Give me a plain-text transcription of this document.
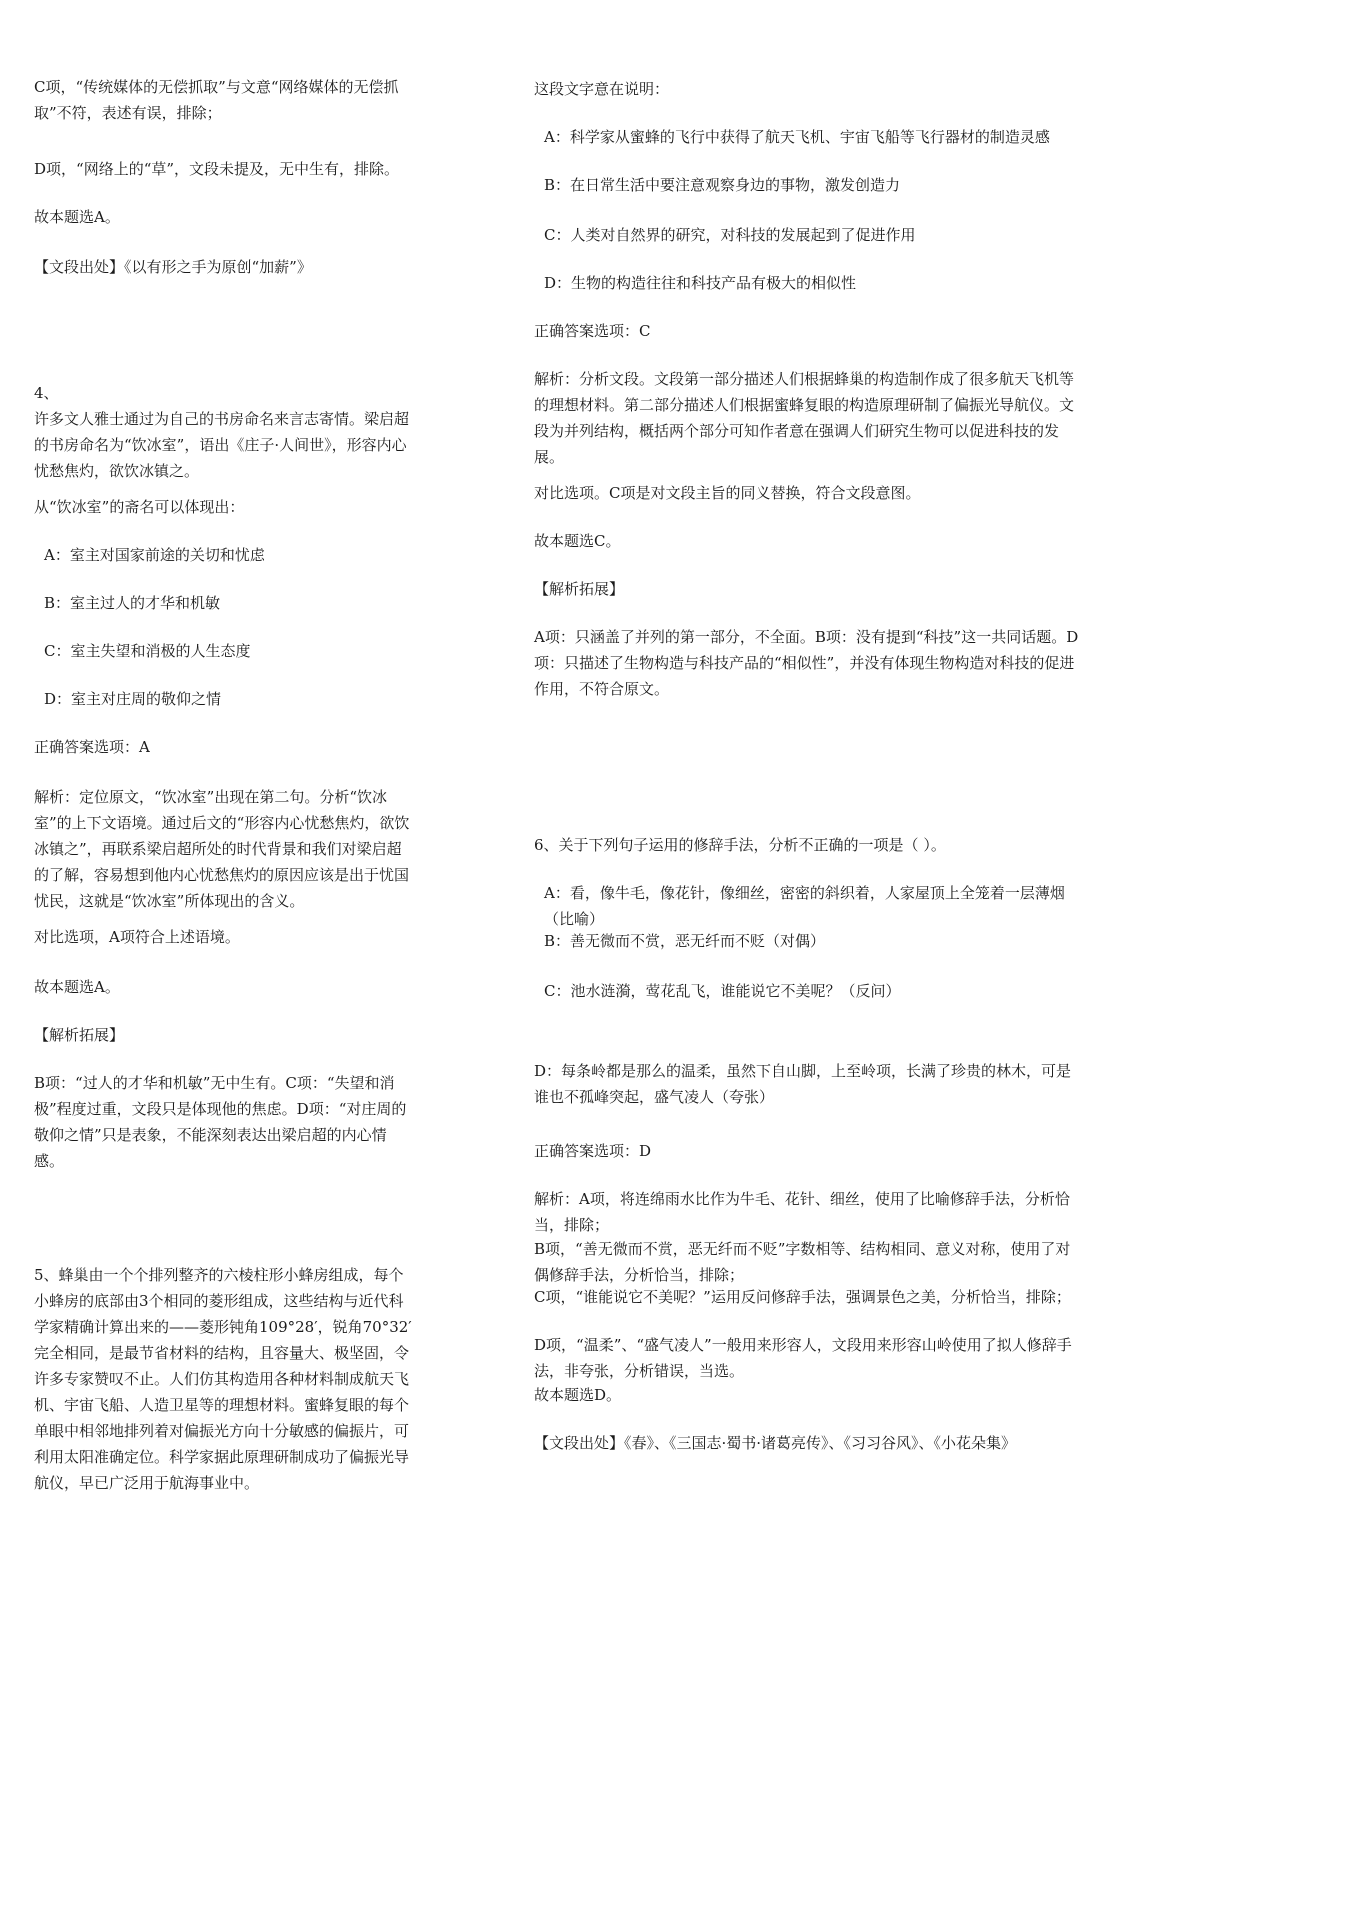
C项，“传统媒体的无偿抓取”与文意“网络媒体的无偿抓取”不符，表述有误，排除；

D项，“网络上的“草”，文段未提及，无中生有，排除。

故本题选A。

【文段出处】《以有形之手为原创“加薪”》

4、

许多文人雅士通过为自己的书房命名来言志寄情。梁启超的书房命名为“饮冰室”，语出《庄子·人间世》，形容内心忧愁焦灼，欲饮冰镇之。

从“饮冰室”的斋名可以体现出：

A：室主对国家前途的关切和忧虑

B：室主过人的才华和机敏

C：室主失望和消极的人生态度

D：室主对庄周的敬仰之情

正确答案选项：A

解析：定位原文，“饮冰室”出现在第二句。分析“饮冰室”的上下文语境。通过后文的“形容内心忧愁焦灼，欲饮冰镇之”，再联系梁启超所处的时代背景和我们对梁启超的了解，容易想到他内心忧愁焦灼的原因应该是出于忧国忧民，这就是“饮冰室”所体现出的含义。

对比选项，A项符合上述语境。

故本题选A。

【解析拓展】

B项：“过人的才华和机敏”无中生有。C项：“失望和消极”程度过重，文段只是体现他的焦虑。D项：“对庄周的敬仰之情”只是表象，不能深刻表达出梁启超的内心情感。

5、蜂巢由一个个排列整齐的六棱柱形小蜂房组成，每个小蜂房的底部由3个相同的菱形组成，这些结构与近代科学家精确计算出来的——菱形钝角109°28′，锐角70°32′完全相同，是最节省材料的结构，且容量大、极坚固，令许多专家赞叹不止。人们仿其构造用各种材料制成航天飞机、宇宙飞船、人造卫星等的理想材料。蜜蜂复眼的每个单眼中相邻地排列着对偏振光方向十分敏感的偏振片，可利用太阳准确定位。科学家据此原理研制成功了偏振光导航仪，早已广泛用于航海事业中。

这段文字意在说明：

A：科学家从蜜蜂的飞行中获得了航天飞机、宇宙飞船等飞行器材的制造灵感

B：在日常生活中要注意观察身边的事物，激发创造力

C：人类对自然界的研究，对科技的发展起到了促进作用

D：生物的构造往往和科技产品有极大的相似性

正确答案选项：C

解析：分析文段。文段第一部分描述人们根据蜂巢的构造制作成了很多航天飞机等的理想材料。第二部分描述人们根据蜜蜂复眼的构造原理研制了偏振光导航仪。文段为并列结构，概括两个部分可知作者意在强调人们研究生物可以促进科技的发展。

对比选项。C项是对文段主旨的同义替换，符合文段意图。

故本题选C。

【解析拓展】

A项：只涵盖了并列的第一部分，不全面。B项：没有提到“科技”这一共同话题。D项：只描述了生物构造与科技产品的“相似性”，并没有体现生物构造对科技的促进作用，不符合原文。

6、关于下列句子运用的修辞手法，分析不正确的一项是（ ）。

A：看，像牛毛，像花针，像细丝，密密的斜织着，人家屋顶上全笼着一层薄烟（比喻）

B：善无微而不赏，恶无纤而不贬（对偶）

C：池水涟漪，莺花乱飞，谁能说它不美呢？（反问）

D：每条岭都是那么的温柔，虽然下自山脚，上至岭项，长满了珍贵的林木，可是谁也不孤峰突起，盛气凌人（夸张）

正确答案选项：D

解析：A项，将连绵雨水比作为牛毛、花针、细丝，使用了比喻修辞手法，分析恰当，排除；

B项，“善无微而不赏，恶无纤而不贬”字数相等、结构相同、意义对称，使用了对偶修辞手法，分析恰当，排除；

C项，“谁能说它不美呢？”运用反问修辞手法，强调景色之美，分析恰当，排除；

D项，“温柔”、“盛气凌人”一般用来形容人，文段用来形容山岭使用了拟人修辞手法，非夸张，分析错误，当选。

故本题选D。

【文段出处】《春》、《三国志·蜀书·诸葛亮传》、《习习谷风》、《小花朵集》
